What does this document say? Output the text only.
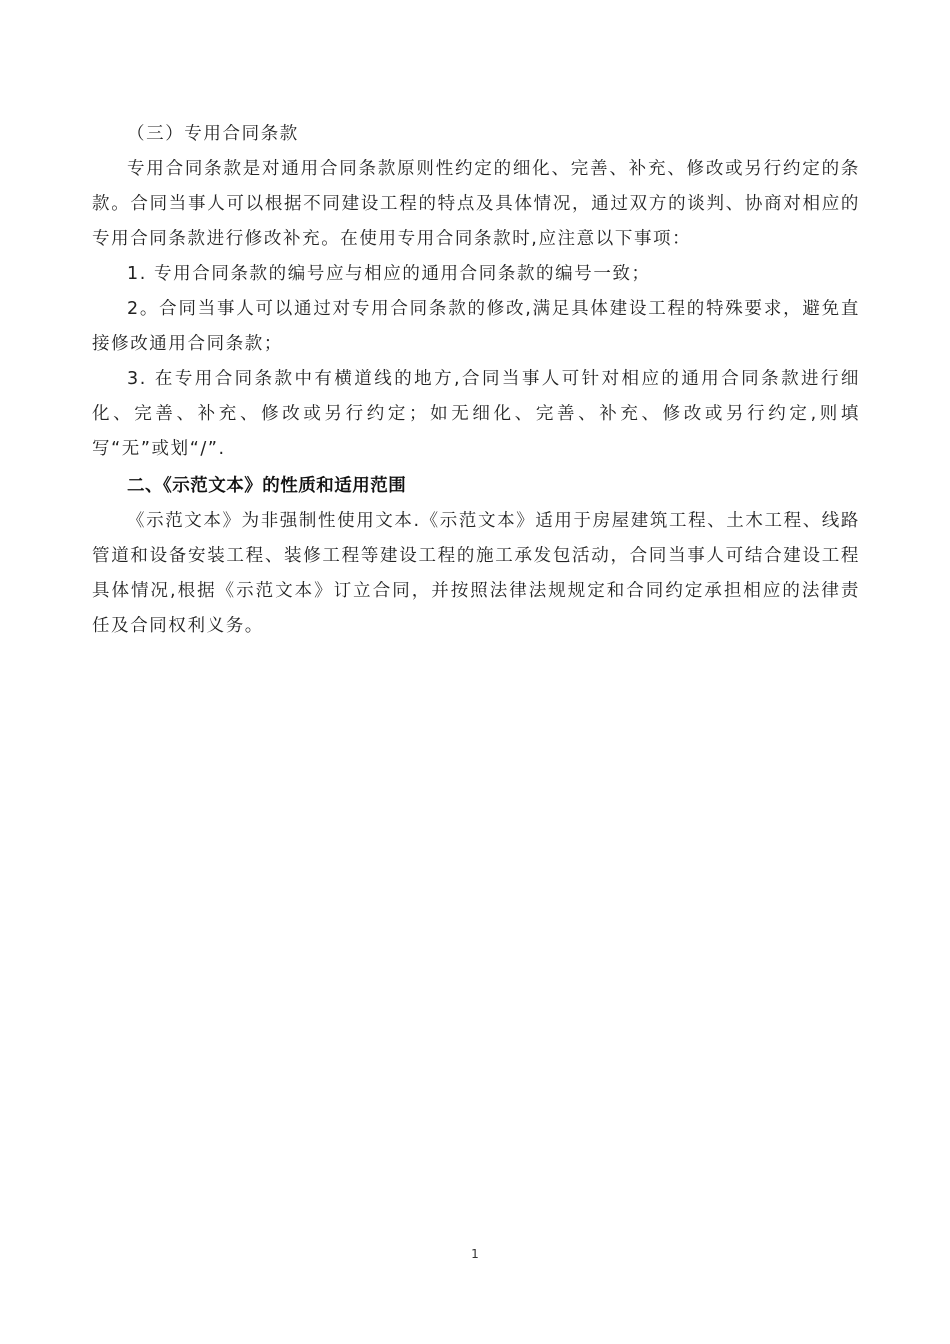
（三）专用合同条款

专用合同条款是对通用合同条款原则性约定的细化、完善、补充、修改或另行约定的条款。合同当事人可以根据不同建设工程的特点及具体情况，通过双方的谈判、协商对相应的专用合同条款进行修改补充。在使用专用合同条款时,应注意以下事项：

1. 专用合同条款的编号应与相应的通用合同条款的编号一致；

2。合同当事人可以通过对专用合同条款的修改,满足具体建设工程的特殊要求，避免直接修改通用合同条款；

3. 在专用合同条款中有横道线的地方,合同当事人可针对相应的通用合同条款进行细化、完善、补充、修改或另行约定；如无细化、完善、补充、修改或另行约定,则填写“无”或划“/”.

二、《示范文本》的性质和适用范围

《示范文本》为非强制性使用文本.《示范文本》适用于房屋建筑工程、土木工程、线路管道和设备安装工程、装修工程等建设工程的施工承发包活动，合同当事人可结合建设工程具体情况,根据《示范文本》订立合同，并按照法律法规规定和合同约定承担相应的法律责任及合同权利义务。

1
